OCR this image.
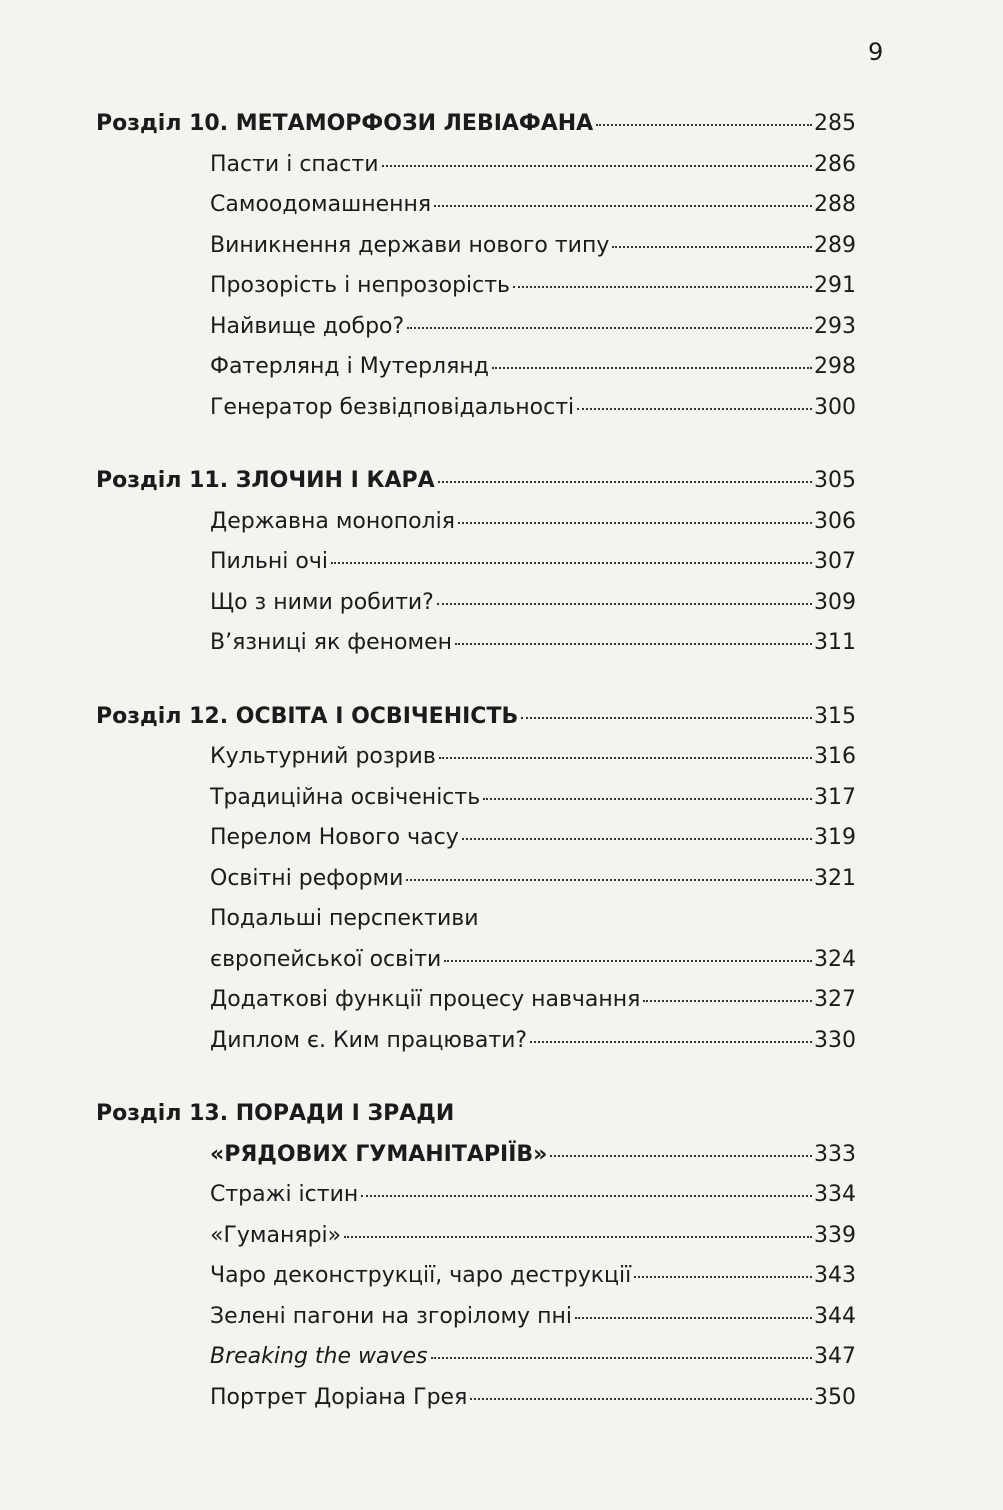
9
Розділ 10. МЕТАМОРФОЗИ ЛЕВІАФАНА	285
Пасти і спасти	286
Самоодомашнення	288
Виникнення держави нового типу	289
Прозорість і непрозорість	291
Найвище добро?	293
Фатерлянд і Мутерлянд	298
Генератор безвідповідальності	300
Розділ 11. ЗЛОЧИН І КАРА	305
Державна монополія	306
Пильні очі	307
Що з ними робити?	309
В’язниці як феномен	311
Розділ 12. ОСВІТА І ОСВІЧЕНІСТЬ	315
Культурний розрив	316
Традиційна освіченість	317
Перелом Нового часу	319
Освітні реформи	321
Подальші перспективи
європейської освіти	324
Додаткові функції процесу навчання	327
Диплом є. Ким працювати?	330
Розділ 13. ПОРАДИ І ЗРАДИ
«РЯДОВИХ ГУМАНІТАРІЇВ»	333
Стражі істин	334
«Гуманярі»	339
Чаро деконструкції, чаро деструкції	343
Зелені пагони на згорілому пні	344
Breaking the waves	347
Портрет Доріана Грея	350
